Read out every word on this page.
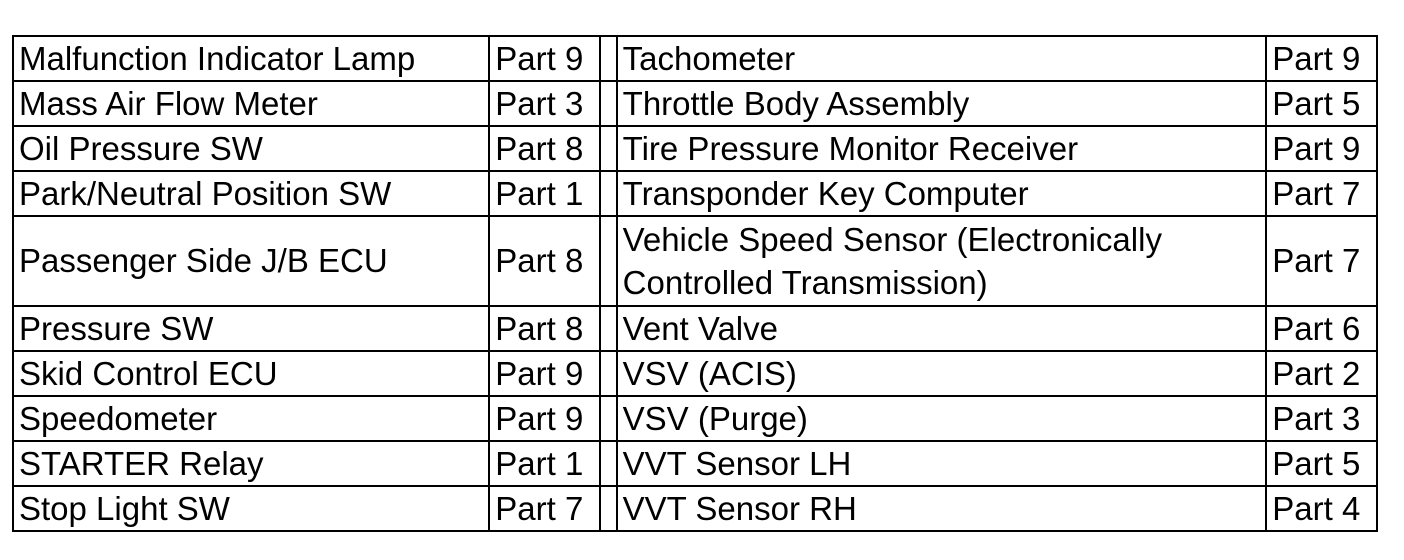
Malfunction Indicator Lamp	Part 9		Tachometer	Part 9
Mass Air Flow Meter	Part 3		Throttle Body Assembly	Part 5
Oil Pressure SW	Part 8		Tire Pressure Monitor Receiver	Part 9
Park/Neutral Position SW	Part 1		Transponder Key Computer	Part 7
Passenger Side J/B ECU	Part 8		Vehicle Speed Sensor (Electronically Controlled Transmission)	Part 7
Pressure SW	Part 8		Vent Valve	Part 6
Skid Control ECU	Part 9		VSV (ACIS)	Part 2
Speedometer	Part 9		VSV (Purge)	Part 3
STARTER Relay	Part 1		VVT Sensor LH	Part 5
Stop Light SW	Part 7		VVT Sensor RH	Part 4
